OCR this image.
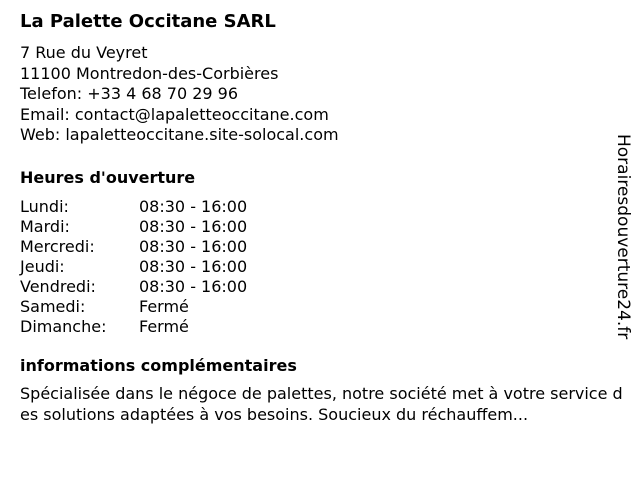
La Palette Occitane SARL
7 Rue du Veyret
11100 Montredon-des-Corbières
Telefon: +33 4 68 70 29 96
Email: contact@lapaletteoccitane.com
Web: lapaletteoccitane.site-solocal.com
Heures d'ouverture
Lundi:	08:30 - 16:00
Mardi:	08:30 - 16:00
Mercredi:	08:30 - 16:00
Jeudi:	08:30 - 16:00
Vendredi:	08:30 - 16:00
Samedi:	Fermé
Dimanche:	Fermé
informations complémentaires
Spécialisée dans le négoce de palettes, notre société met à votre service des solutions adaptées à vos besoins. Soucieux du réchauffem...
Horairesdouverture24.fr
